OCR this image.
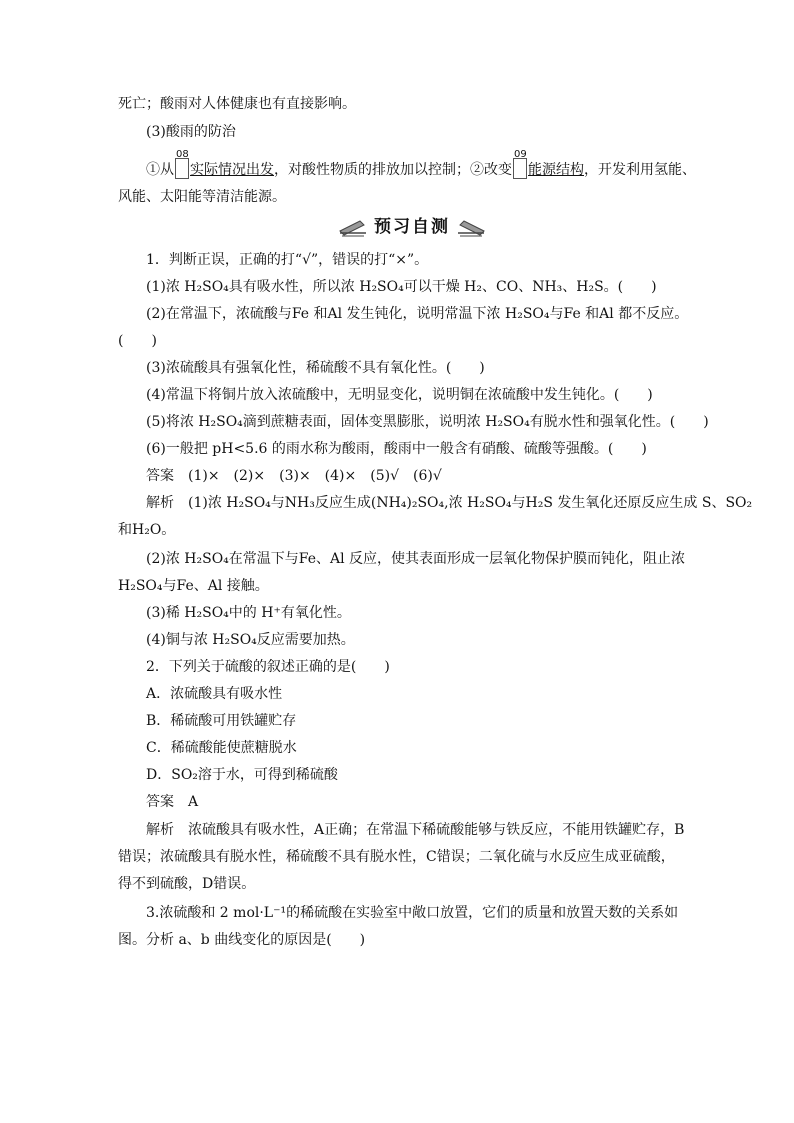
死亡；酸雨对人体健康也有直接影响。
(3)酸雨的防治
①从
08
实际情况出发，对酸性物质的排放加以控制；②改变
09
能源结构，开发利用氢能、
风能、太阳能等清洁能源。
预习自测
1．判断正误，正确的打“√”，错误的打“×”。
(1)浓 H₂SO₄具有吸水性，所以浓 H₂SO₄可以干燥 H₂、CO、NH₃、H₂S。(　　)
(2)在常温下，浓硫酸与Fe 和Al 发生钝化，说明常温下浓 H₂SO₄与Fe 和Al 都不反应。
(　　)
(3)浓硫酸具有强氧化性，稀硫酸不具有氧化性。(　　)
(4)常温下将铜片放入浓硫酸中，无明显变化，说明铜在浓硫酸中发生钝化。(　　)
(5)将浓 H₂SO₄滴到蔗糖表面，固体变黑膨胀，说明浓 H₂SO₄有脱水性和强氧化性。(　　)
(6)一般把 pH<5.6 的雨水称为酸雨，酸雨中一般含有硝酸、硫酸等强酸。(　　)
答案 (1)×　(2)×　(3)×　(4)×　(5)√　(6)√
解析 (1)浓 H₂SO₄与NH₃反应生成(NH₄)₂SO₄,浓 H₂SO₄与H₂S 发生氧化还原反应生成 S、SO₂
和H₂O。
(2)浓 H₂SO₄在常温下与Fe、Al 反应，使其表面形成一层氧化物保护膜而钝化，阻止浓
H₂SO₄与Fe、Al 接触。
(3)稀 H₂SO₄中的 H⁺有氧化性。
(4)铜与浓 H₂SO₄反应需要加热。
2．下列关于硫酸的叙述正确的是(　　)
A．浓硫酸具有吸水性
B．稀硫酸可用铁罐贮存
C．稀硫酸能使蔗糖脱水
D．SO₂溶于水，可得到稀硫酸
答案 A
解析 浓硫酸具有吸水性，A正确；在常温下稀硫酸能够与铁反应，不能用铁罐贮存，B
错误；浓硫酸具有脱水性，稀硫酸不具有脱水性，C错误；二氧化硫与水反应生成亚硫酸，
得不到硫酸，D错误。
3.浓硫酸和 2 mol·L⁻¹的稀硫酸在实验室中敞口放置，它们的质量和放置天数的关系如
图。分析 a、b 曲线变化的原因是(　　)
